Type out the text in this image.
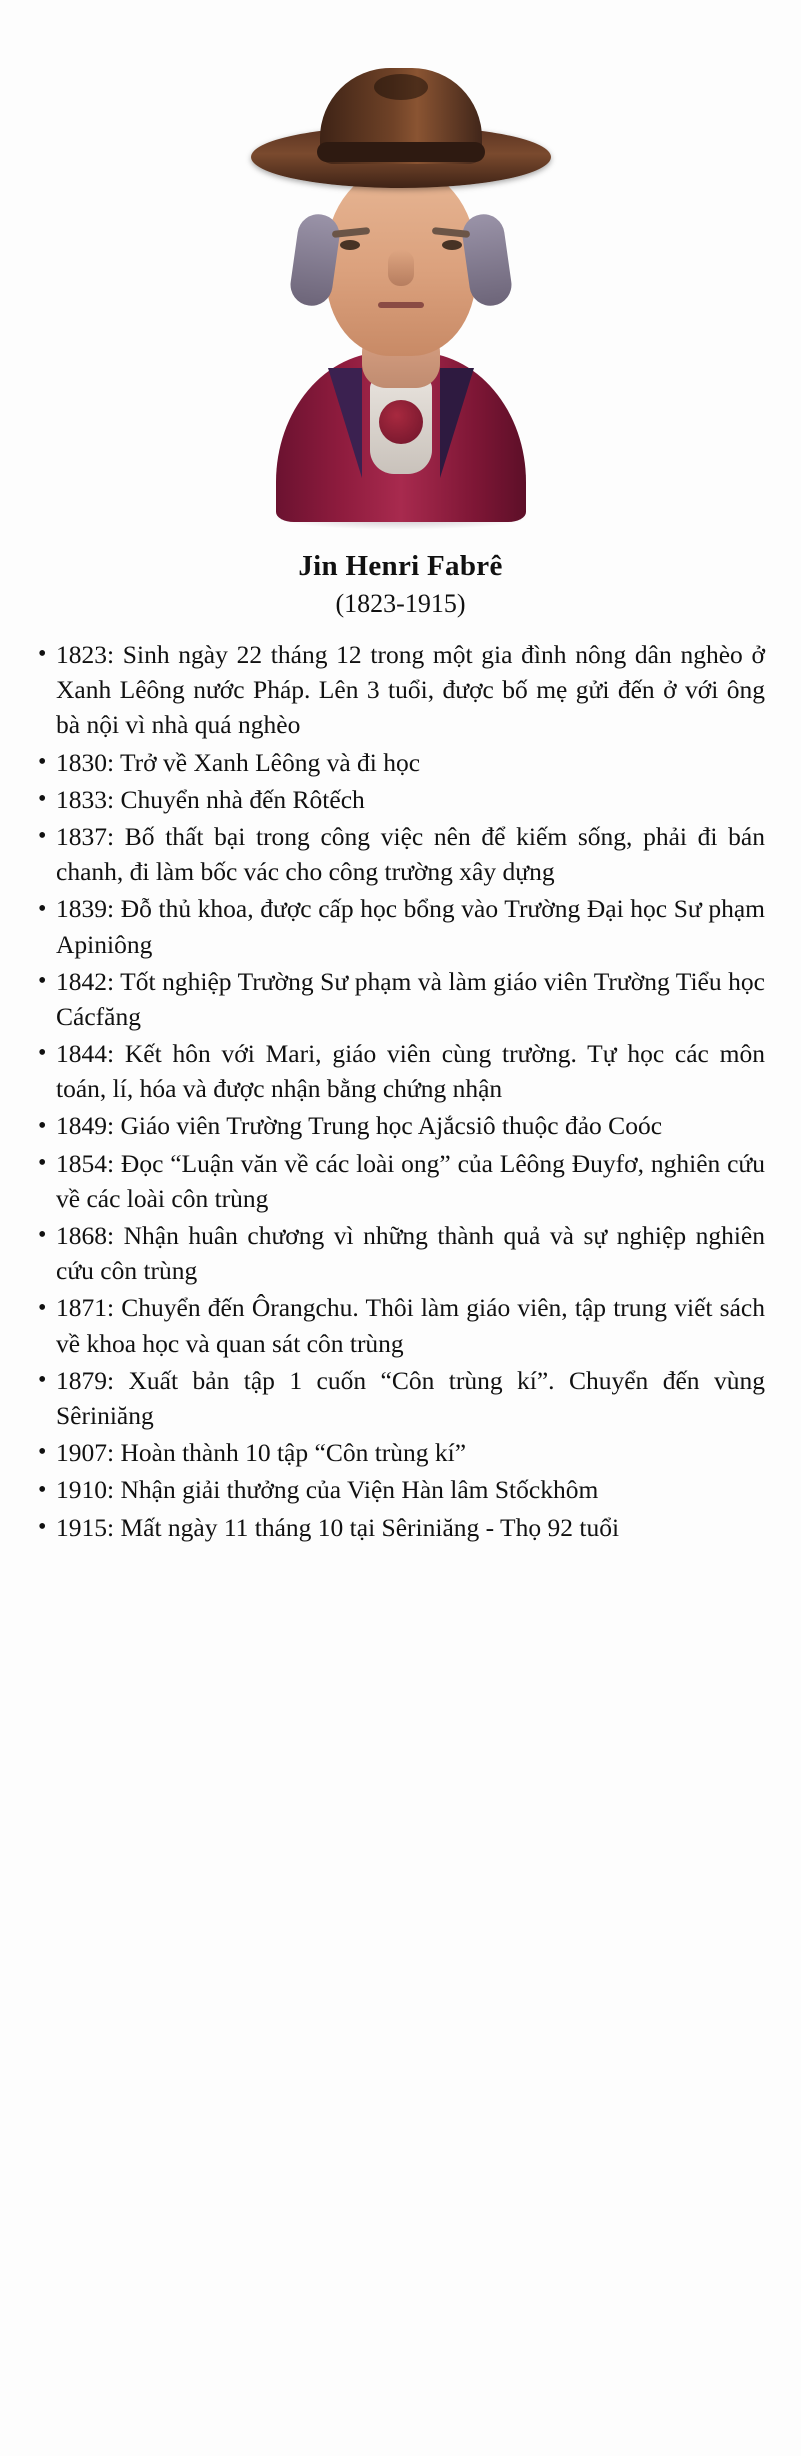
Jin Henri Fabrê
(1823-1915)

• 1823: Sinh ngày 22 tháng 12 trong một gia đình nông dân nghèo ở Xanh Lêông nước Pháp. Lên 3 tuổi, được bố mẹ gửi đến ở với ông bà nội vì nhà quá nghèo

• 1830: Trở về Xanh Lêông và đi học

• 1833: Chuyển nhà đến Rôtếch

• 1837: Bố thất bại trong công việc nên để kiếm sống, phải đi bán chanh, đi làm bốc vác cho công trường xây dựng

• 1839: Đỗ thủ khoa, được cấp học bổng vào Trường Đại học Sư phạm Apiniông

• 1842: Tốt nghiệp Trường Sư phạm và làm giáo viên Trường Tiểu học Cácfăng

• 1844: Kết hôn với Mari, giáo viên cùng trường. Tự học các môn toán, lí, hóa và được nhận bằng chứng nhận

• 1849: Giáo viên Trường Trung học Ajắcsiô thuộc đảo Coóc

• 1854: Đọc “Luận văn về các loài ong” của Lêông Đuyfơ, nghiên cứu về các loài côn trùng

• 1868: Nhận huân chương vì những thành quả và sự nghiệp nghiên cứu côn trùng

• 1871: Chuyển đến Ôrangchu. Thôi làm giáo viên, tập trung viết sách về khoa học và quan sát côn trùng

• 1879: Xuất bản tập 1 cuốn “Côn trùng kí”. Chuyển đến vùng Sêriniăng

• 1907: Hoàn thành 10 tập “Côn trùng kí”

• 1910: Nhận giải thưởng của Viện Hàn lâm Stốckhôm

• 1915: Mất ngày 11 tháng 10 tại Sêriniăng - Thọ 92 tuổi
